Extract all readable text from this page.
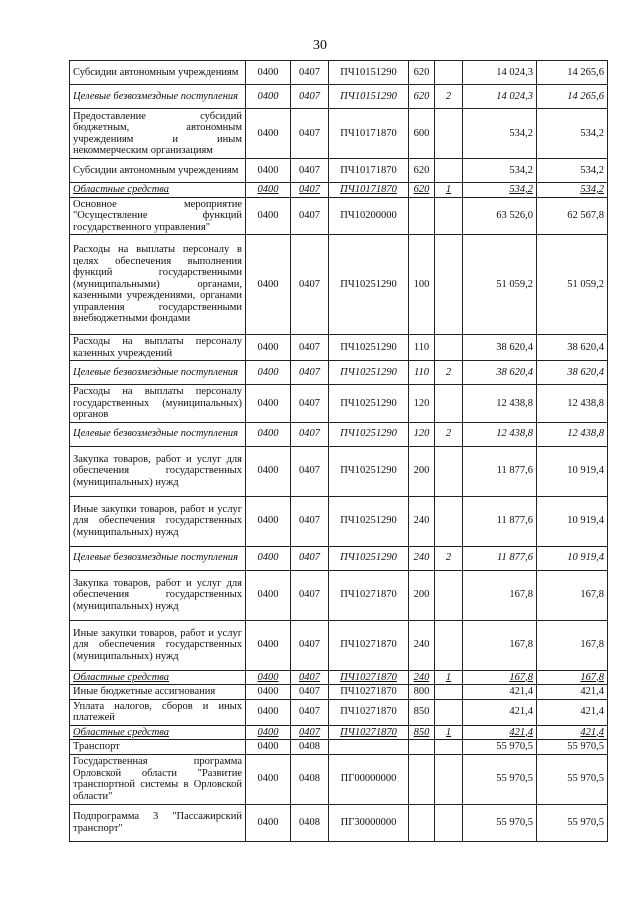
30
Субсидии автономным учреждениям	0400	0407	ПЧ10151290	620		14 024,3	14 265,6
Целевые безвозмездные поступления	0400	0407	ПЧ10151290	620	2	14 024,3	14 265,6
Предоставление субсидий бюджетным, автономным учреждениям и иным некоммерческим организациям	0400	0407	ПЧ10171870	600		534,2	534,2
Субсидии автономным учреждениям	0400	0407	ПЧ10171870	620		534,2	534,2
Областные средства	0400	0407	ПЧ10171870	620	1	534,2	534,2
Основное мероприятие "Осуществление функций государственного управления"	0400	0407	ПЧ10200000			63 526,0	62 567,8
Расходы на выплаты персоналу в целях обеспечения выполнения функций государственными (муниципальными) органами, казенными учреждениями, органами управления государственными внебюджетными фондами	0400	0407	ПЧ10251290	100		51 059,2	51 059,2
Расходы на выплаты персоналу казенных учреждений	0400	0407	ПЧ10251290	110		38 620,4	38 620,4
Целевые безвозмездные поступления	0400	0407	ПЧ10251290	110	2	38 620,4	38 620,4
Расходы на выплаты персоналу государственных (муниципальных) органов	0400	0407	ПЧ10251290	120		12 438,8	12 438,8
Целевые безвозмездные поступления	0400	0407	ПЧ10251290	120	2	12 438,8	12 438,8
Закупка товаров, работ и услуг для обеспечения государственных (муниципальных) нужд	0400	0407	ПЧ10251290	200		11 877,6	10 919,4
Иные закупки товаров, работ и услуг для обеспечения государственных (муниципальных) нужд	0400	0407	ПЧ10251290	240		11 877,6	10 919,4
Целевые безвозмездные поступления	0400	0407	ПЧ10251290	240	2	11 877,6	10 919,4
Закупка товаров, работ и услуг для обеспечения государственных (муниципальных) нужд	0400	0407	ПЧ10271870	200		167,8	167,8
Иные закупки товаров, работ и услуг для обеспечения государственных (муниципальных) нужд	0400	0407	ПЧ10271870	240		167,8	167,8
Областные средства	0400	0407	ПЧ10271870	240	1	167,8	167,8
Иные бюджетные ассигнования	0400	0407	ПЧ10271870	800		421,4	421,4
Уплата налогов, сборов и иных платежей	0400	0407	ПЧ10271870	850		421,4	421,4
Областные средства	0400	0407	ПЧ10271870	850	1	421,4	421,4
Транспорт	0400	0408				55 970,5	55 970,5
Государственная программа Орловской области "Развитие транспортной системы в Орловской области"	0400	0408	ПГ00000000			55 970,5	55 970,5
Подпрограмма 3 "Пассажирский транспорт"	0400	0408	ПГ30000000			55 970,5	55 970,5
